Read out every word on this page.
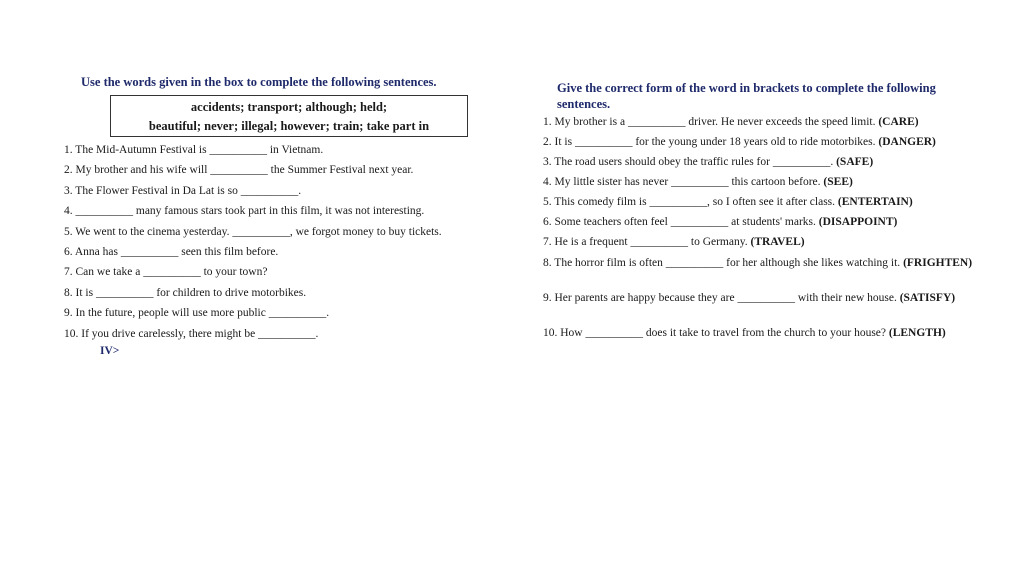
Use the words given in the box to complete the following sentences.
accidents; transport; although; held;
beautiful; never; illegal; however; train; take part in
1. The Mid-Autumn Festival is __________ in Vietnam.
2. My brother and his wife will __________ the Summer Festival next year.
3. The Flower Festival in Da Lat is so __________.
4. __________ many famous stars took part in this film, it was not interesting.
5. We went to the cinema yesterday. __________, we forgot money to buy tickets.
6. Anna has __________ seen this film before.
7. Can we take a __________ to your town?
8. It is __________ for children to drive motorbikes.
9. In the future, people will use more public __________.
10. If you drive carelessly, there might be __________.
IV>
Give the correct form of the word in brackets to complete the following sentences.
1. My brother is a __________ driver. He never exceeds the speed limit. (CARE)
2. It is __________ for the young under 18 years old to ride motorbikes. (DANGER)
3. The road users should obey the traffic rules for __________. (SAFE)
4. My little sister has never __________ this cartoon before. (SEE)
5. This comedy film is __________, so I often see it after class. (ENTERTAIN)
6. Some teachers often feel __________ at students' marks. (DISAPPOINT)
7. He is a frequent __________ to Germany. (TRAVEL)
8. The horror film is often __________ for her although she likes watching it. (FRIGHTEN)
9. Her parents are happy because they are __________ with their new house. (SATISFY)
10. How __________ does it take to travel from the church to your house? (LENGTH)
